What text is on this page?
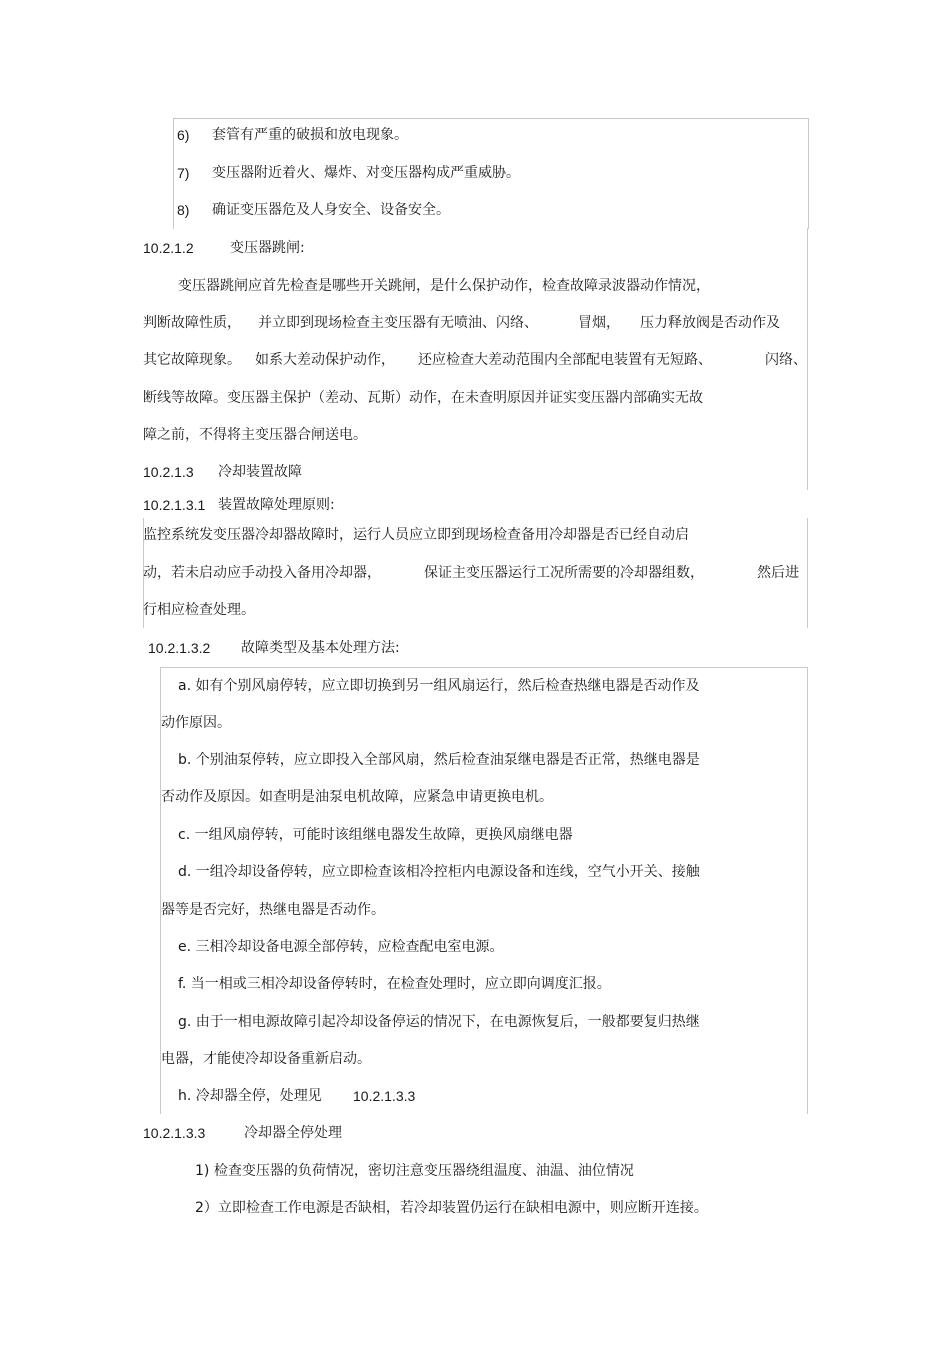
6) 套管有严重的破损和放电现象。
7) 变压器附近着火、爆炸、对变压器构成严重威胁。
8) 确证变压器危及人身安全、设备安全。
10.2.1.2	变压器跳闸:
变压器跳闸应首先检查是哪些开关跳闸，是什么保护动作，检查故障录波器动作情况，
判断故障性质， 并立即到现场检查主变压器有无喷油、闪络、	冒烟， 压力释放阀是否动作及
其它故障现象。 如系大差动保护动作， 还应检查大差动范围内全部配电装置有无短路、	闪络、
断线等故障。变压器主保护（差动、瓦斯）动作，在未查明原因并证实变压器内部确实无故
障之前，不得将主变压器合闸送电。
10.2.1.3 冷却装置故障
10.2.1.3.1 装置故障处理原则:
监控系统发变压器冷却器故障时，运行人员应立即到现场检查备用冷却器是否已经自动启
动，若未启动应手动投入备用冷却器，	保证主变压器运行工况所需要的冷却器组数，	然后进
行相应检查处理。
10.2.1.3.2 故障类型及基本处理方法:
a. 如有个别风扇停转，应立即切换到另一组风扇运行，然后检查热继电器是否动作及
动作原因。
b. 个别油泵停转，应立即投入全部风扇，然后检查油泵继电器是否正常，热继电器是
否动作及原因。如查明是油泵电机故障，应紧急申请更换电机。
c. 一组风扇停转，可能时该组继电器发生故障，更换风扇继电器
d. 一组冷却设备停转，应立即检查该相冷控柜内电源设备和连线，空气小开关、接触
器等是否完好，热继电器是否动作。
e. 三相冷却设备电源全部停转，应检查配电室电源。
f. 当一相或三相冷却设备停转时，在检查处理时，应立即向调度汇报。
g. 由于一相电源故障引起冷却设备停运的情况下，在电源恢复后，一般都要复归热继
电器，才能使冷却设备重新启动。
h. 冷却器全停，处理见 10.2.1.3.3
10.2.1.3.3	冷却器全停处理
1) 检查变压器的负荷情况，密切注意变压器绕组温度、油温、油位情况
2）立即检查工作电源是否缺相，若冷却装置仍运行在缺相电源中，则应断开连接。
